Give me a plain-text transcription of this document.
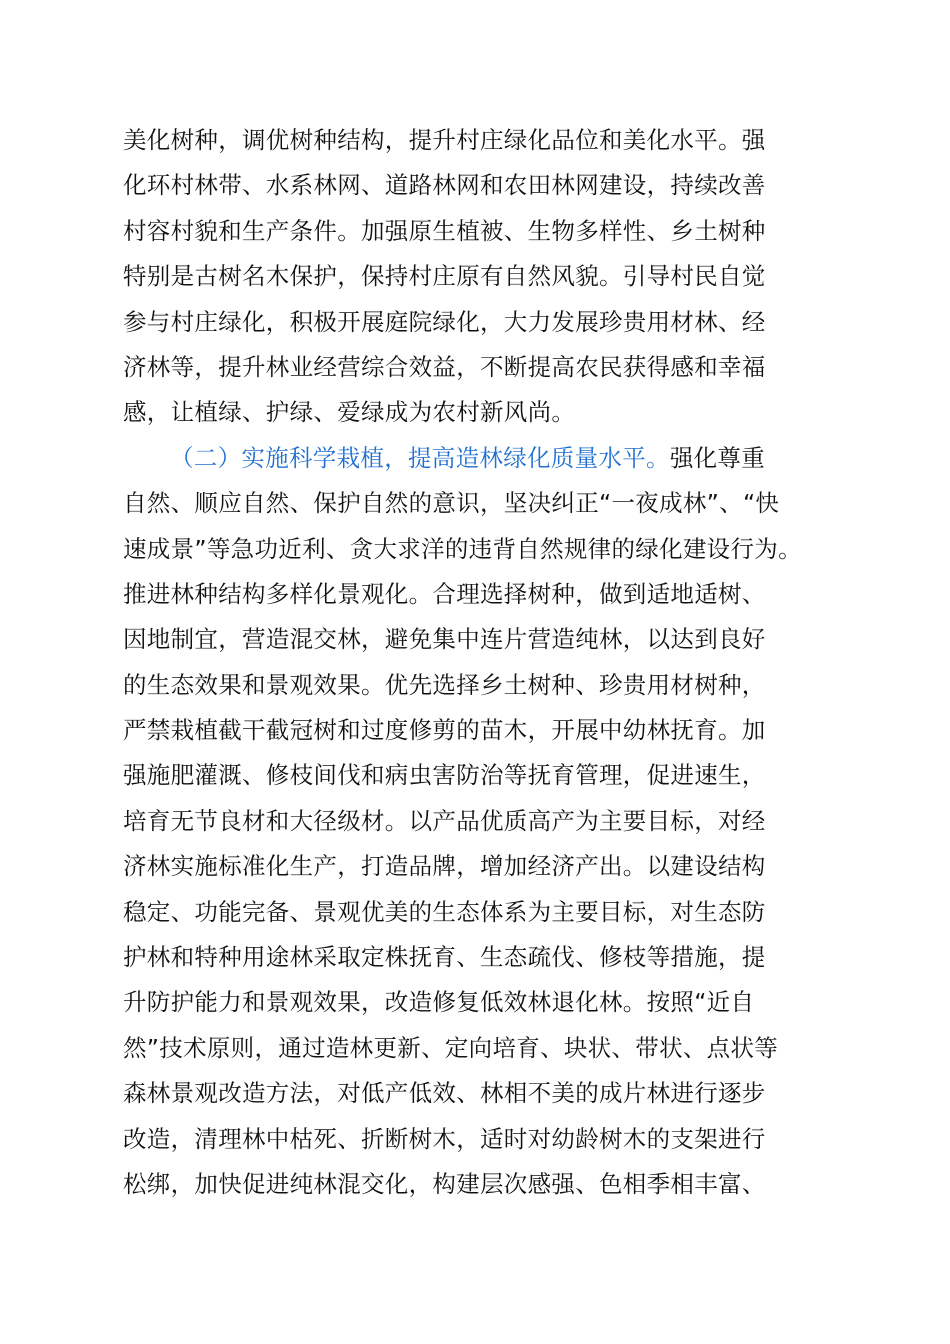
美化树种，调优树种结构，提升村庄绿化品位和美化水平。强
化环村林带、水系林网、道路林网和农田林网建设，持续改善
村容村貌和生产条件。加强原生植被、生物多样性、乡土树种
特别是古树名木保护，保持村庄原有自然风貌。引导村民自觉
参与村庄绿化，积极开展庭院绿化，大力发展珍贵用材林、经
济林等，提升林业经营综合效益，不断提高农民获得感和幸福
感，让植绿、护绿、爱绿成为农村新风尚。
（二）实施科学栽植，提高造林绿化质量水平。强化尊重
自然、顺应自然、保护自然的意识，坚决纠正“一夜成林”、“快
速成景”等急功近利、贪大求洋的违背自然规律的绿化建设行为。
推进林种结构多样化景观化。合理选择树种，做到适地适树、
因地制宜，营造混交林，避免集中连片营造纯林，以达到良好
的生态效果和景观效果。优先选择乡土树种、珍贵用材树种，
严禁栽植截干截冠树和过度修剪的苗木，开展中幼林抚育。加
强施肥灌溉、修枝间伐和病虫害防治等抚育管理，促进速生，
培育无节良材和大径级材。以产品优质高产为主要目标，对经
济林实施标准化生产，打造品牌，增加经济产出。以建设结构
稳定、功能完备、景观优美的生态体系为主要目标，对生态防
护林和特种用途林采取定株抚育、生态疏伐、修枝等措施，提
升防护能力和景观效果，改造修复低效林退化林。按照“近自
然”技术原则，通过造林更新、定向培育、块状、带状、点状等
森林景观改造方法，对低产低效、林相不美的成片林进行逐步
改造，清理林中枯死、折断树木，适时对幼龄树木的支架进行
松绑，加快促进纯林混交化，构建层次感强、色相季相丰富、
